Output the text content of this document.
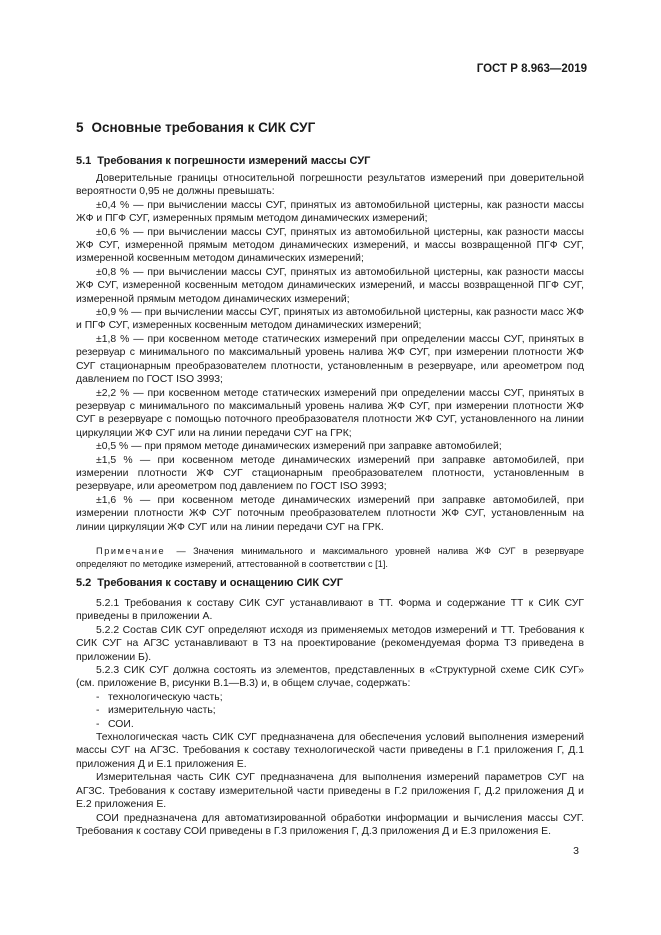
ГОСТ Р 8.963—2019
5 Основные требования к СИК СУГ
5.1 Требования к погрешности измерений массы СУГ

Доверительные границы относительной погрешности результатов измерений при доверительной вероятности 0,95 не должны превышать:

±0,4 % — при вычислении массы СУГ, принятых из автомобильной цистерны, как разности массы ЖФ и ПГФ СУГ, измеренных прямым методом динамических измерений;

±0,6 % — при вычислении массы СУГ, принятых из автомобильной цистерны, как разности массы ЖФ СУГ, измеренной прямым методом динамических измерений, и массы возвращенной ПГФ СУГ, измеренной косвенным методом динамических измерений;

±0,8 % — при вычислении массы СУГ, принятых из автомобильной цистерны, как разности массы ЖФ СУГ, измеренной косвенным методом динамических измерений, и массы возвращенной ПГФ СУГ, измеренной прямым методом динамических измерений;

±0,9 % — при вычислении массы СУГ, принятых из автомобильной цистерны, как разности масс ЖФ и ПГФ СУГ, измеренных косвенным методом динамических измерений;

±1,8 % — при косвенном методе статических измерений при определении массы СУГ, принятых в резервуар с минимального по максимальный уровень налива ЖФ СУГ, при измерении плотности ЖФ СУГ стационарным преобразователем плотности, установленным в резервуаре, или ареометром под давлением по ГОСТ ISO 3993;

±2,2 % — при косвенном методе статических измерений при определении массы СУГ, принятых в резервуар с минимального по максимальный уровень налива ЖФ СУГ, при измерении плотности ЖФ СУГ в резервуаре с помощью поточного преобразователя плотности ЖФ СУГ, установленного на линии циркуляции ЖФ СУГ или на линии передачи СУГ на ГРК;

±0,5 % — при прямом методе динамических измерений при заправке автомобилей;

±1,5 % — при косвенном методе динамических измерений при заправке автомобилей, при измерении плотности ЖФ СУГ стационарным преобразователем плотности, установленным в резервуаре, или ареометром под давлением по ГОСТ ISO 3993;

±1,6 % — при косвенном методе динамических измерений при заправке автомобилей, при измерении плотности ЖФ СУГ поточным преобразователем плотности ЖФ СУГ, установленным на линии циркуляции ЖФ СУГ или на линии передачи СУГ на ГРК.

Примечание — Значения минимального и максимального уровней налива ЖФ СУГ в резервуаре определяют по методике измерений, аттестованной в соответствии с [1].
5.2 Требования к составу и оснащению СИК СУГ

5.2.1 Требования к составу СИК СУГ устанавливают в ТТ. Форма и содержание ТТ к СИК СУГ приведены в приложении А.

5.2.2 Состав СИК СУГ определяют исходя из применяемых методов измерений и ТТ. Требования к СИК СУГ на АГЗС устанавливают в ТЗ на проектирование (рекомендуемая форма ТЗ приведена в приложении Б).

5.2.3 СИК СУГ должна состоять из элементов, представленных в «Структурной схеме СИК СУГ» (см. приложение В, рисунки В.1—В.3) и, в общем случае, содержать:

- технологическую часть;
- измерительную часть;
- СОИ.

Технологическая часть СИК СУГ предназначена для обеспечения условий выполнения измерений массы СУГ на АГЗС. Требования к составу технологической части приведены в Г.1 приложения Г, Д.1 приложения Д и Е.1 приложения Е.

Измерительная часть СИК СУГ предназначена для выполнения измерений параметров СУГ на АГЗС. Требования к составу измерительной части приведены в Г.2 приложения Г, Д.2 приложения Д и Е.2 приложения Е.

СОИ предназначена для автоматизированной обработки информации и вычисления массы СУГ. Требования к составу СОИ приведены в Г.3 приложения Г, Д.3 приложения Д и Е.3 приложения Е.

3
